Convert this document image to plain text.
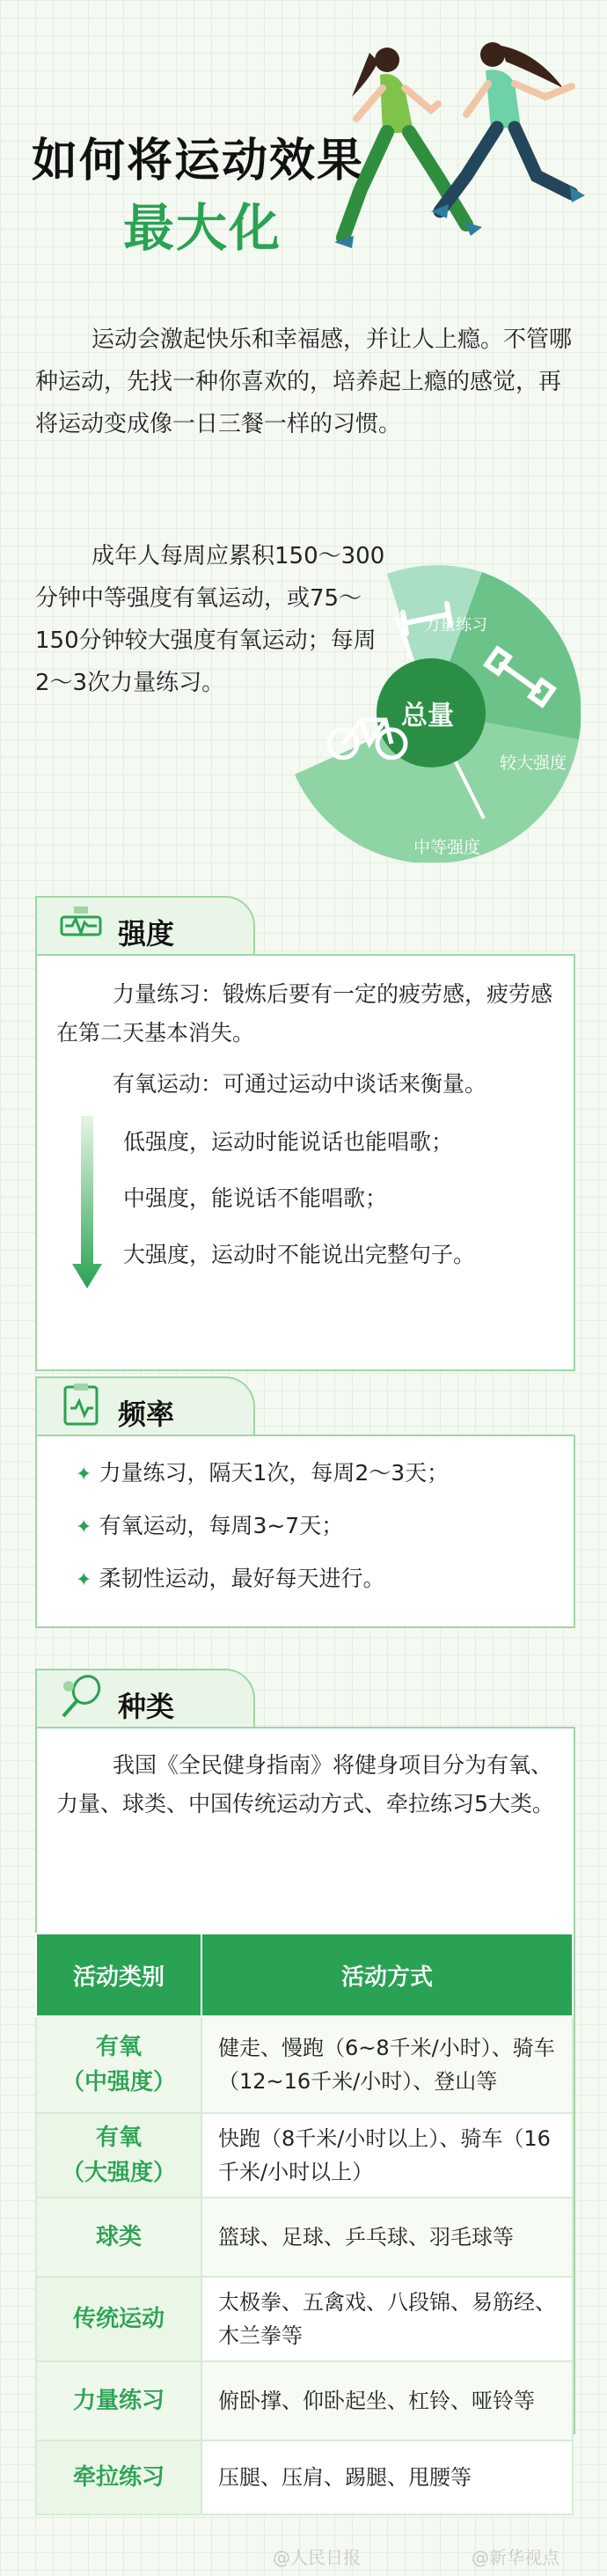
如何将运动效果
最大化
运动会激起快乐和幸福感，并让人上瘾。不管哪种运动，先找一种你喜欢的，培养起上瘾的感觉，再将运动变成像一日三餐一样的习惯。
成年人每周应累积150～300分钟中等强度有氧运动，或75～150分钟较大强度有氧运动；每周2～3次力量练习。
力量练习
总量
较大强度
中等强度
强度
力量练习：锻炼后要有一定的疲劳感，疲劳感在第二天基本消失。
有氧运动：可通过运动中谈话来衡量。
低强度，运动时能说话也能唱歌；
中强度，能说话不能唱歌；
大强度，运动时不能说出完整句子。
频率
✦ 力量练习，隔天1次，每周2～3天；
✦ 有氧运动，每周3~7天；
✦ 柔韧性运动，最好每天进行。
种类
我国《全民健身指南》将健身项目分为有氧、力量、球类、中国传统运动方式、牵拉练习5大类。
活动类别	活动方式
有氧
（中强度）	健走、慢跑（6~8千米/小时）、骑车（12~16千米/小时）、登山等
有氧
（大强度）	快跑（8千米/小时以上）、骑车（16千米/小时以上）
球类	篮球、足球、乒乓球、羽毛球等
传统运动	太极拳、五禽戏、八段锦、易筋经、木兰拳等
力量练习	俯卧撑、仰卧起坐、杠铃、哑铃等
牵拉练习	压腿、压肩、踢腿、甩腰等
@人民日报	@新华视点
